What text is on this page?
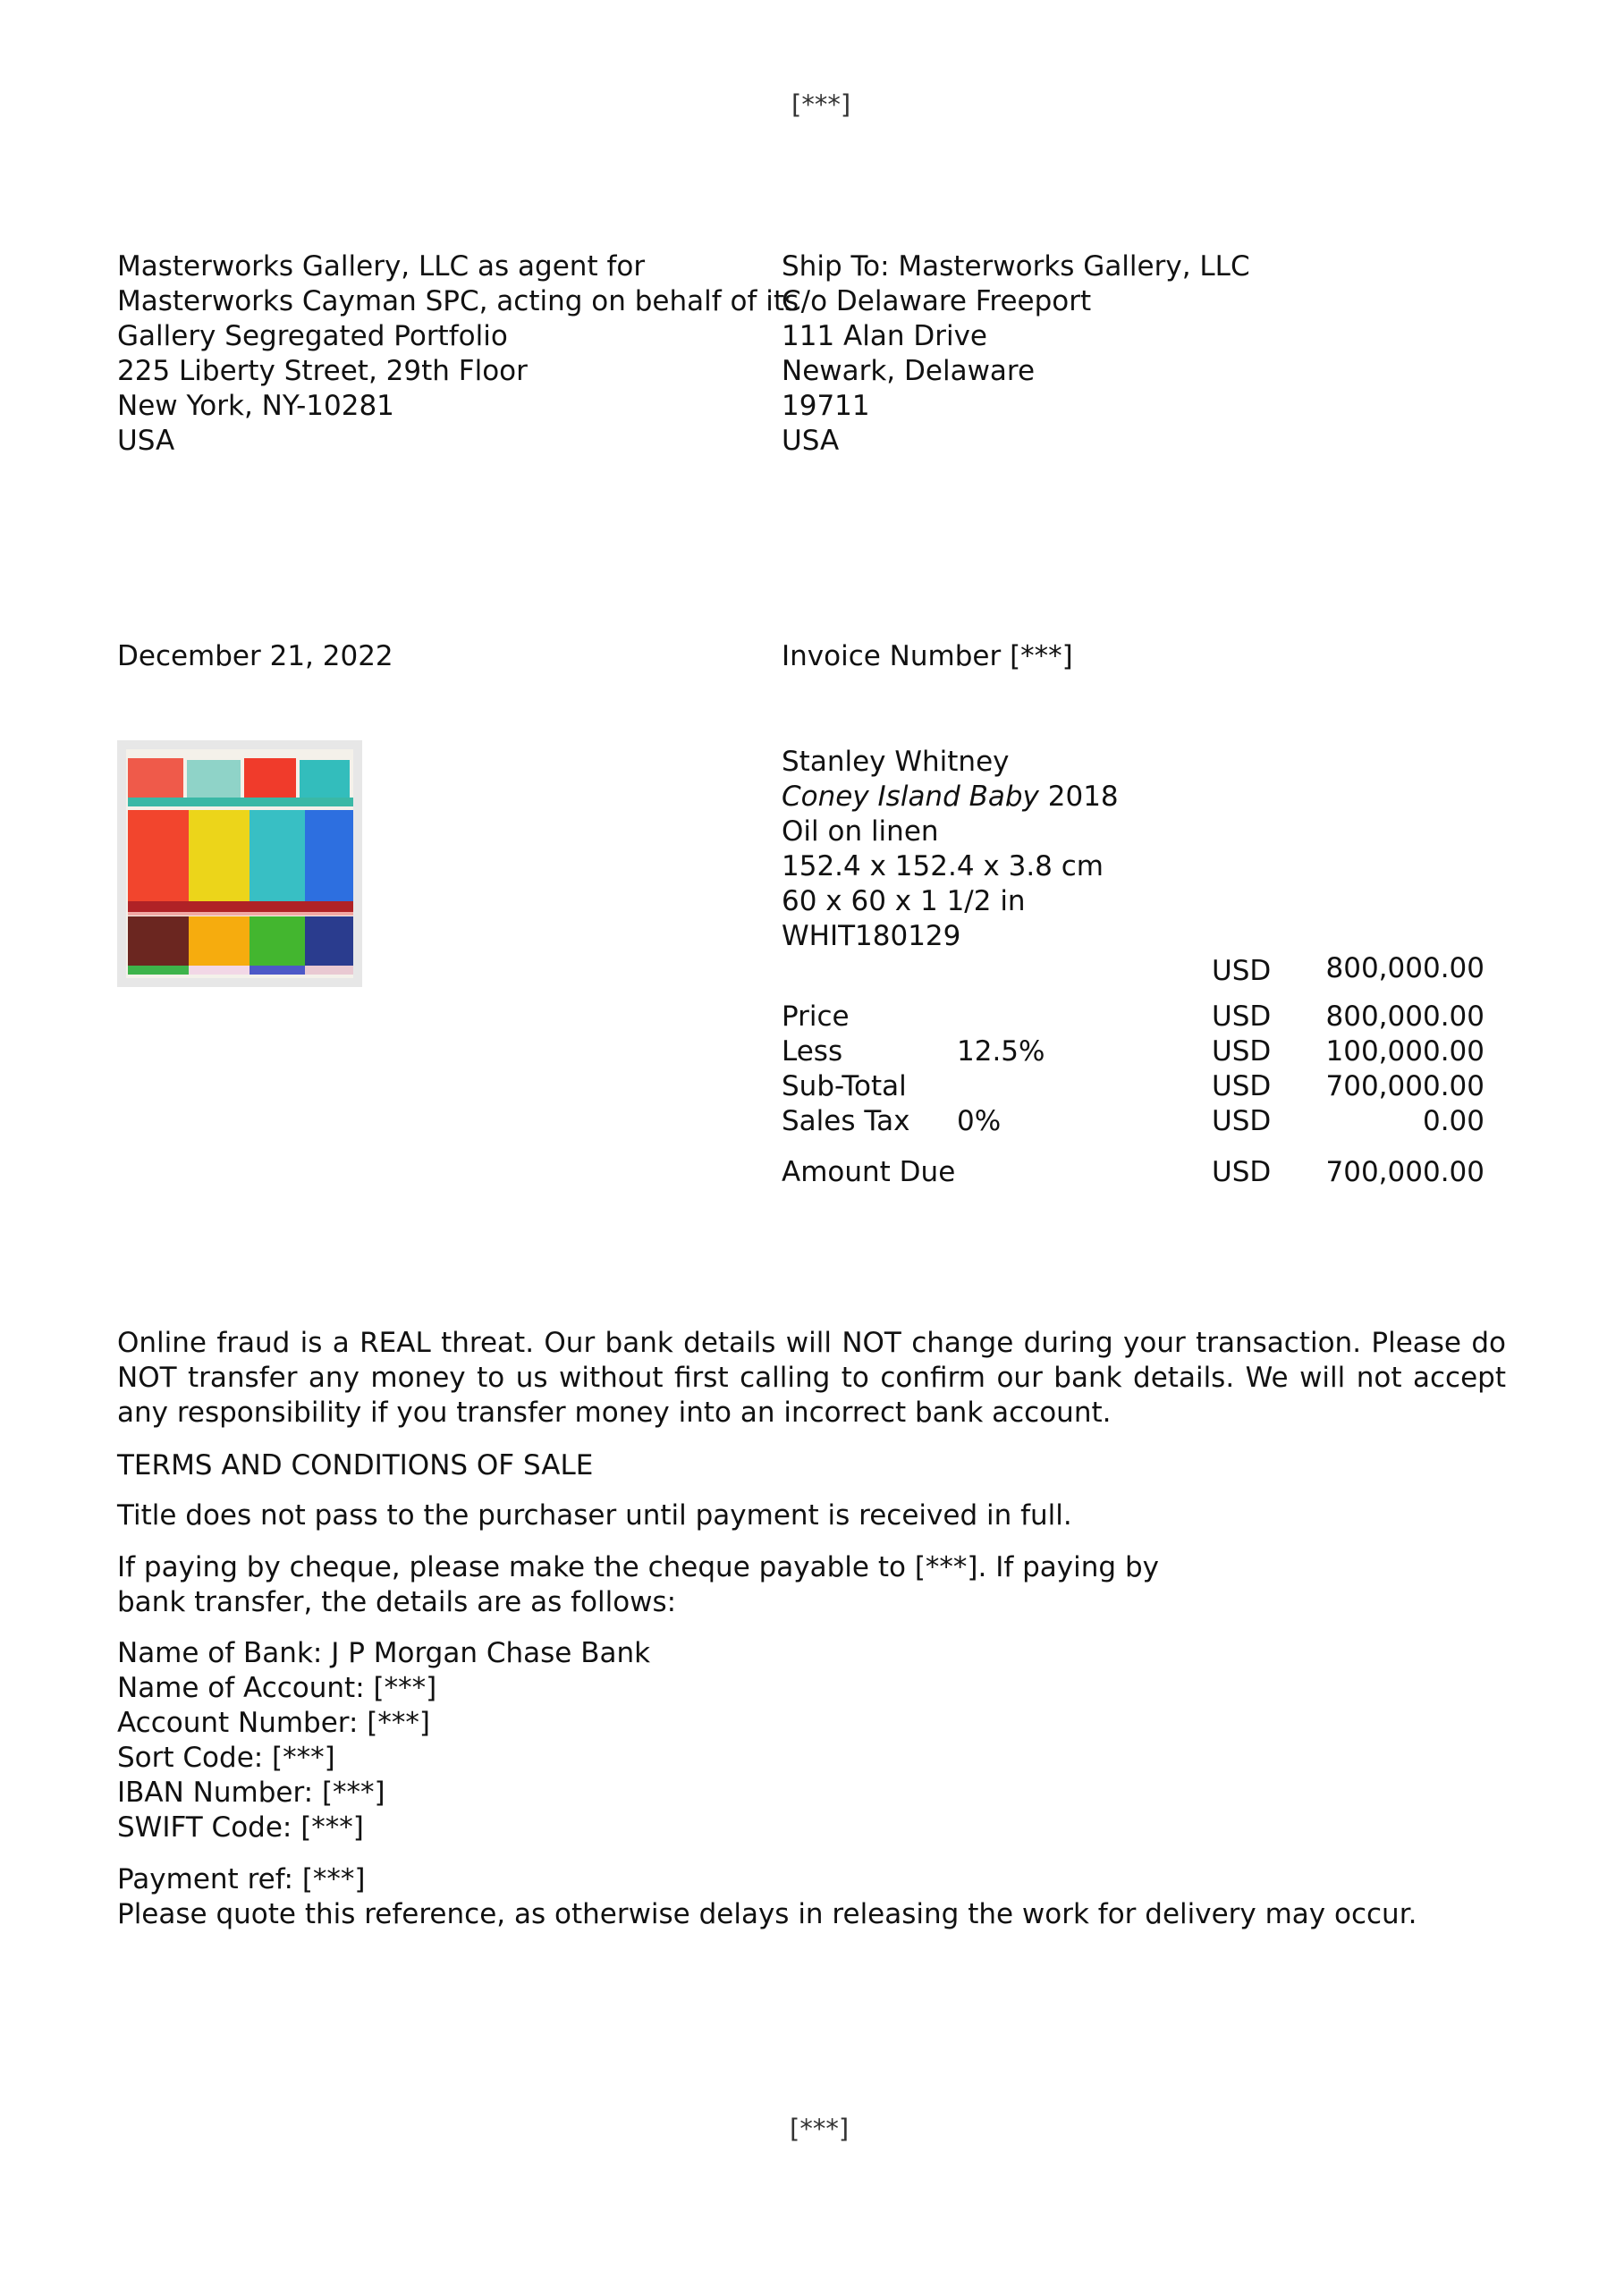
[***]
Masterworks Gallery, LLC as agent for
Masterworks Cayman SPC, acting on behalf of its
Gallery Segregated Portfolio
225 Liberty Street, 29th Floor
New York, NY-10281
USA
Ship To: Masterworks Gallery, LLC
C/o Delaware Freeport
111 Alan Drive
Newark, Delaware
19711
USA
December 21, 2022	Invoice Number [***]
Stanley Whitney
Coney Island Baby 2018
Oil on linen
152.4 x 152.4 x 3.8 cm
60 x 60 x 1 1/2 in
WHIT180129
USD	800,000.00
Price	USD	800,000.00
Less	12.5%	USD	100,000.00
Sub-Total	USD	700,000.00
Sales Tax 0%	USD	0.00
Amount Due	USD	700,000.00
Online fraud is a REAL threat. Our bank details will NOT change during your transaction. Please do NOT transfer any money to us without first calling to confirm our bank details. We will not accept any responsibility if you transfer money into an incorrect bank account.
TERMS AND CONDITIONS OF SALE
Title does not pass to the purchaser until payment is received in full.
If paying by cheque, please make the cheque payable to [***]. If paying by
bank transfer, the details are as follows:
Name of Bank: J P Morgan Chase Bank
Name of Account: [***]
Account Number: [***]
Sort Code: [***]
IBAN Number: [***]
SWIFT Code: [***]
Payment ref: [***]
Please quote this reference, as otherwise delays in releasing the work for delivery may occur.
[***]
